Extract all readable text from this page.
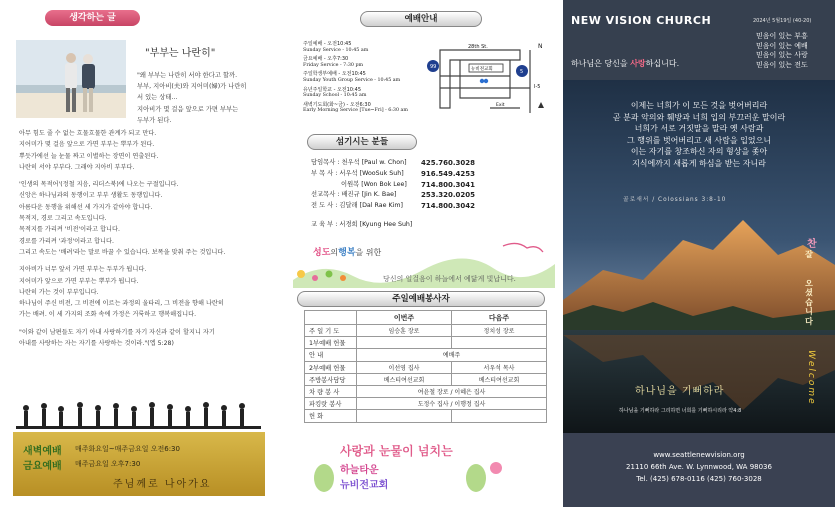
생각하는 글
"부부는 나란히"
"왜 부부는 나란히 서야 한다고 할까.
부부, 지아비(夫)와 지어미(婦)가 나란히
서 있는 상태…
지아비가 몇 걸음 앞으로 가면 부부는
두부가 된다.

아무 힘도 줄 수 없는 흐물흐물한 관계가 되고 만다.

지어미가 몇 걸음 앞으로 가면 부부는 뿌부가 된다.

뿌듯가에선 늘 눈물 짜고 이별하는 장면이 연출된다.

나란히 서야 부부다. 그래야 지아비 부부다.

'인생의 목적어'(정철 지음, 리더스북)에 나오는 구절입니다.

신앙은 하나님과의 동행이고 부부 생활도 동행입니다.

아름다운 동행을 위해선 세 가지가 같아야 합니다.

목적지, 경로 그리고 속도입니다.

목적지를 가리켜 '비전'이라고 합니다.

경로를 가리켜 '과정'이라고 합니다.

그리고 속도는 '배려'라는 말로 바꿀 수 있습니다. 보폭을 맞춰 주는 것입니다.

지아비가 너무 앞서 가면 부부는 두부가 됩니다.

지어미가 앞으로 가면 부부는 뿌부가 됩니다.

나란히 가는 것이 부부입니다.

하나님이 주신 비전, 그 비전에 이르는 과정의 울타리, 그 비전을 향해 나란히

가는 배려. 이 세 가지의 조화 속에 가정은 거룩하고 행복해집니다.

"이와 같이 남편들도 자기 아내 사랑하기를 자기 자신과 같이 할지니 자기

아내를 사랑하는 자는 자기를 사랑하는 것이라."(엡 5:28)

새벽예배
금요예배
매주화요일~매주금요일 오전6:30
매주금요일 오후7:30
주님께로 나아가요
예배안내
주일예배 - 오전10:45
Sunday Service - 10:45 am
금요예배 - 오후7:30
Friday Service - 7:30 pm
주일학생부예배 - 오전10:45
Sunday Youth Group Service - 10:45 am
유년주일학교 - 오전10:45
Sunday School - 10:45 am
새벽기도회(화~금) - 오전6:30
Early Morning Service [Tue~Fri] - 6:30 am
28th St.
뉴비젼교회
99
5
N
I-5
Exit
섬기시는 분들
담임목사 : 천우석 [Paul w. Chon]	425.760.3028
부 목 사 : 서우석 [WooSuk Suh]	916.549.4253
이원복 [Won Bok Lee]	714.800.3041
선교목사 : 배진규 [Jin K. Bae]	253.320.0205
전 도 사 : 김달래 [Dal Rae Kim]	714.800.3042
교 육 부 : 서경희 [Kyung Hee Suh]
주일예배봉사자
	이번주	다음주
주 일 기 도	임승훈 장로	정치성 장로
1부예배 헌물		
안 내	예배주	
2부예배 헌물	이선영 집사	서우석 목사
주방봉사담당	베스티여선교회	베스티여선교회
차 량 봉 사	여윤철 장로 / 이혜은 집사	
파킹랏 봉사	도정수 집사 / 이행정 집사	
헌 화		
성도의행복을 위한
당신의 일걸음이 하늘에서 예닮게 빛납니다.
사랑과 눈물이 넘치는
하늘타운
뉴비전교회
NEW VISION CHURCH	2024년 5월19일 (40-20)
믿음이 있는 부흥
믿음이 있는 예배
믿음이 있는 사랑
믿음이 있는 전도
하나님은 당신을 사랑하십니다.
이제는 너희가 이 모든 것을 벗어버리라
곧 분과 악의와 훼방과 너희 입의 부끄러운 말이라
너희가 서로 거짓말을 말라 옛 사람과
그 행위를 벗어버리고 새 사람을 입었으니
이는 자기를 창조하신 자의 형상을 좇아
지식에까지 새롭게 하심을 받는 자니라
골로새서 / Colossians 3:8-10
찬
잘

오
셨
습
니
다
Welcome
하나님을 기뻐하라
하나님을 기뻐하라 그리하면 너희를 기뻐하시리라 약4:8
www.seattlenewvision.org
21110 66th Ave. W. Lynnwood, WA 98036
Tel. (425) 678-0116 (425) 760-3028
